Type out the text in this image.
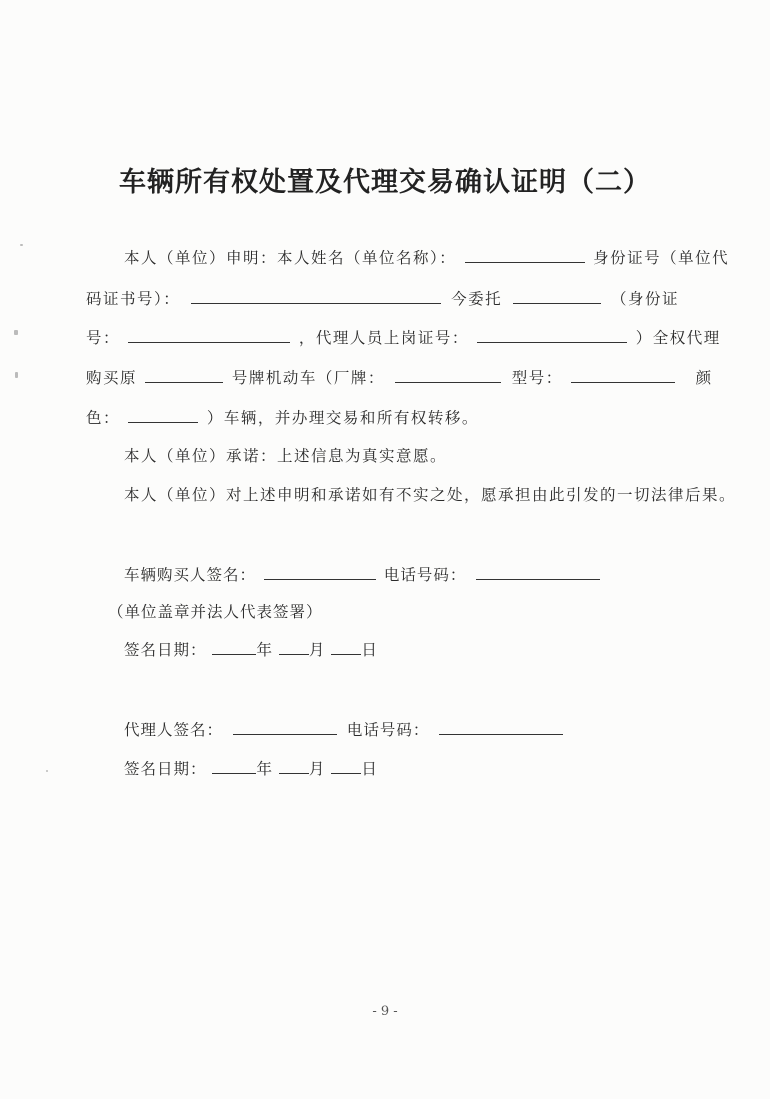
车辆所有权处置及代理交易确认证明（二）
本人（单位）申明：本人姓名（单位名称）：	身份证号（单位代
码证书号）：	今委托	（身份证
号：	，代理人员上岗证号：	）全权代理
购买原	号牌机动车（厂牌：	型号：	颜
色：	）车辆，并办理交易和所有权转移。
本人（单位）承诺：上述信息为真实意愿。
本人（单位）对上述申明和承诺如有不实之处，愿承担由此引发的一切法律后果。
车辆购买人签名：	电话号码：
（单位盖章并法人代表签署）
签名日期：	年 月 日
代理人签名：	电话号码：
签名日期：	年 月 日
- 9 -
